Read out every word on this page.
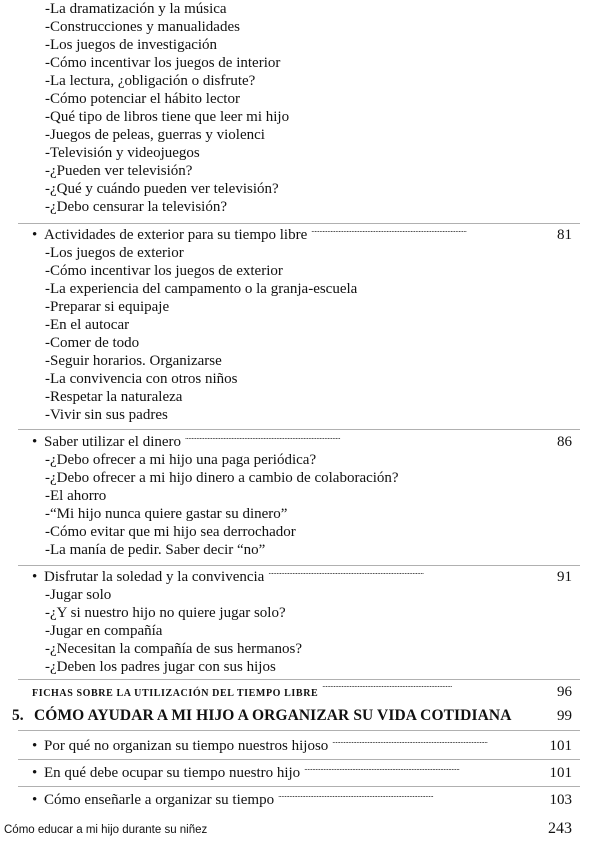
-La dramatización y la música
-Construcciones y manualidades
-Los juegos de investigación
-Cómo incentivar los juegos de interior
-La lectura, ¿obligación o disfrute?
-Cómo potenciar el hábito lector
-Qué tipo de libros tiene que leer mi hijo
-Juegos de peleas, guerras y violenci
-Televisión y videojuegos
-¿Pueden ver televisión?
-¿Qué y cuándo pueden ver televisión?
-¿Debo censurar la televisión?
• Actividades de exterior para su tiempo libre . . .	81
-Los juegos de exterior
-Cómo incentivar los juegos de exterior
-La experiencia del campamento o la granja-escuela
-Preparar si equipaje
-En el autocar
-Comer de todo
-Seguir horarios. Organizarse
-La convivencia con otros niños
-Respetar la naturaleza
-Vivir sin sus padres
• Saber utilizar el dinero . . .	86
-¿Debo ofrecer a mi hijo una paga periódica?
-¿Debo ofrecer a mi hijo dinero a cambio de colaboración?
-El ahorro
-“Mi hijo nunca quiere gastar su dinero”
-Cómo evitar que mi hijo sea derrochador
-La manía de pedir. Saber decir “no”
• Disfrutar la soledad y la convivencia . . .	91
-Jugar solo
-¿Y si nuestro hijo no quiere jugar solo?
-Jugar en compañía
-¿Necesitan la compañía de sus hermanos?
-¿Deben los padres jugar con sus hijos
FICHAS SOBRE LA UTILIZACIÓN DEL TIEMPO LIBRE . . .	96
5. CÓMO AYUDAR A MI HIJO A ORGANIZAR SU VIDA COTIDIANA	99
• Por qué no organizan su tiempo nuestros hijoso . . .	101
• En qué debe ocupar su tiempo nuestro hijo . . .	101
• Cómo enseñarle a organizar su tiempo . . .	103
Cómo educar a mi hijo durante su niñez	243
